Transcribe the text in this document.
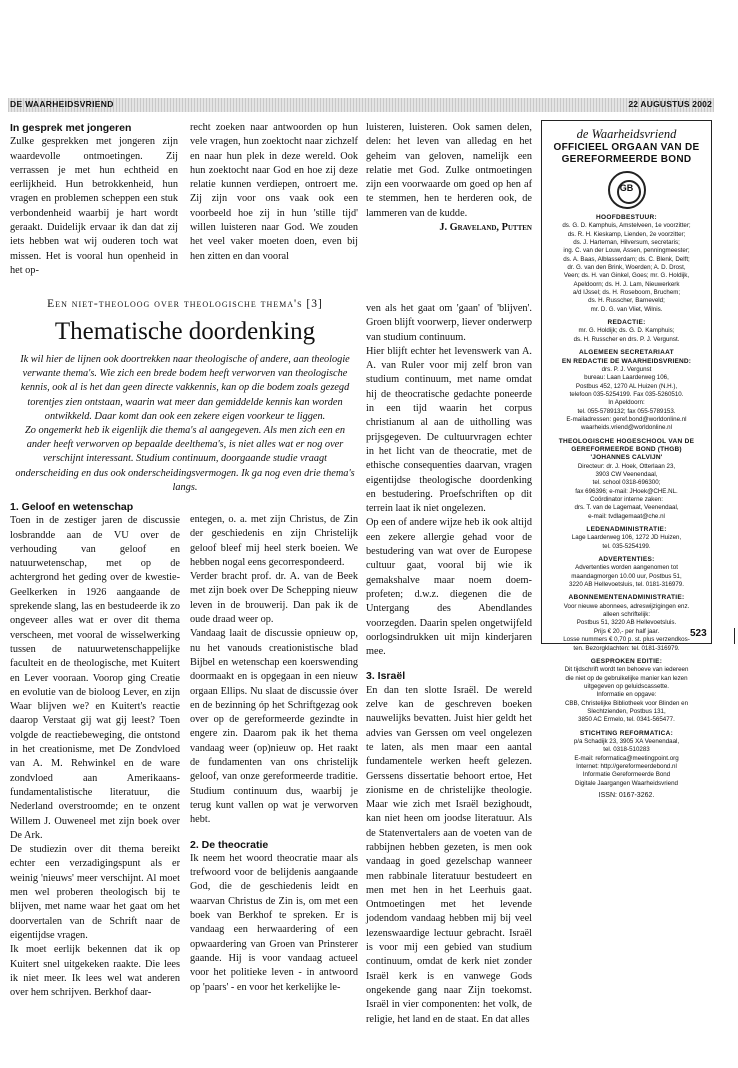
DE WAARHEIDSVRIEND	22 AUGUSTUS 2002

In gesprek met jongeren

Zulke gesprekken met jongeren zijn waardevolle ontmoetingen. Zij verrassen je met hun echtheid en eerlijkheid. Hun betrokkenheid, hun vragen en problemen scheppen een stuk verbondenheid waarbij je hart wordt geraakt. Duidelijk ervaar ik dan dat zij iets hebben wat wij ouderen toch wat missen. Het is vooral hun openheid in het op-

recht zoeken naar antwoorden op hun vele vragen, hun zoektocht naar zichzelf en naar hun plek in deze wereld. Ook hun zoektocht naar God en hoe zij deze relatie kunnen verdiepen, ontroert me. Zij zijn voor ons vaak ook een voorbeeld hoe zij in hun 'stille tijd' willen luisteren naar God. We zouden het veel vaker moeten doen, even bij hen zitten en dan vooral

luisteren, luisteren. Ook samen delen, delen: het leven van alledag en het geheim van geloven, namelijk een relatie met God. Zulke ontmoetingen zijn een voorwaarde om goed op hen af te stemmen, hen te herderen ook, de lammeren van de kudde.

J. Graveland, Putten

Een niet-theoloog over theologische thema's [3]
Thematische doordenking

Ik wil hier de lijnen ook doortrekken naar theologische of andere, aan theologie verwante thema's. Wie zich een brede bodem heeft verworven van theologische kennis, ook al is het dan geen directe vakkennis, kan op die bodem zoals gezegd torentjes zien ontstaan, waarin wat meer dan gemiddelde kennis kan worden ontwikkeld. Daar komt dan ook een zekere eigen voorkeur te liggen.

Zo ongemerkt heb ik eigenlijk die thema's al aangegeven. Als men zich een en ander heeft verworven op bepaalde deelthema's, is niet alles wat er nog over verschijnt interessant. Studium continuum, doorgaande studie vraagt onderscheiding en dus ook onderscheidingsvermogen. Ik ga nog even drie thema's langs.

1. Geloof en wetenschap

Toen in de zestiger jaren de discussie losbrandde aan de VU over de verhouding van geloof en natuurwetenschap, met op de achtergrond het geding over de kwestie-Geelkerken in 1926 aangaande de sprekende slang, las en bestudeerde ik zo ongeveer alles wat er over dit thema verscheen, met vooral de wisselwerking tussen de natuurwetenschappelijke faculteit en de theologische, met Kuitert en Lever vooraan. Voorop ging Creatie en evolutie van de bioloog Lever, en zijn Waar blijven we? en Kuitert's reactie daarop Verstaat gij wat gij leest? Toen volgde de reactiebeweging, die ontstond in het creationisme, met De Zondvloed van A. M. Rehwinkel en de ware zondvloed aan Amerikaans-fundamentalistische literatuur, die Nederland overstroomde; en te onzent Willem J. Ouweneel met zijn boek over De Ark.

De studiezin over dit thema bereikt echter een verzadigingspunt als er weinig 'nieuws' meer verschijnt. Al moet men wel proberen theologisch bij te blijven, met name waar het gaat om het doorvertalen van de Schrift naar de eigentijdse vragen.

Ik moet eerlijk bekennen dat ik op Kuitert snel uitgekeken raakte. Die lees ik niet meer. Ik lees wel wat anderen over hem schrijven. Berkhof daar-

entegen, o. a. met zijn Christus, de Zin der geschiedenis en zijn Christelijk geloof bleef mij heel sterk boeien. We hebben nogal eens gecorrespondeerd.

Verder bracht prof. dr. A. van de Beek met zijn boek over De Schepping nieuw leven in de brouwerij. Dan pak ik de oude draad weer op.

Vandaag laait de discussie opnieuw op, nu het vanouds creationistische blad Bijbel en wetenschap een koerswending doormaakt en is opgegaan in een nieuw orgaan Ellips. Nu slaat de discussie óver en de bezinning óp het Schriftgezag ook over op de gereformeerde gezindte in engere zin. Daarom pak ik het thema vandaag weer (op)nieuw op. Het raakt de fundamenten van ons christelijk geloof, van onze gereformeerde traditie. Studium continuum dus, waarbij je terug kunt vallen op wat je verworven hebt.

2. De theocratie

Ik neem het woord theocratie maar als trefwoord voor de belijdenis aangaande God, die de geschiedenis leidt en waarvan Christus de Zin is, om met een boek van Berkhof te spreken. Er is vandaag een herwaardering of een opwaardering van Groen van Prinsterer gaande. Hij is voor vandaag actueel voor het politieke leven - in antwoord op 'paars' - en voor het kerkelijke le-

ven als het gaat om 'gaan' of 'blijven'. Groen blijft voorwerp, liever onderwerp van studium continuum.

Hier blijft echter het levenswerk van A. A. van Ruler voor mij zelf bron van studium continuum, met name omdat hij de theocratische gedachte poneerde in een tijd waarin het corpus christianum al aan de uitholling was prijsgegeven. De cultuurvragen echter in het licht van de theocratie, met de ethische consequenties daarvan, vragen eigentijdse theologische doordenking en bestudering. Proefschriften op dit terrein laat ik niet ongelezen.

Op een of andere wijze heb ik ook altijd een zekere allergie gehad voor de bestudering van wat over de Europese cultuur gaat, vooral bij wie ik gemakshalve maar noem doem-profeten; d.w.z. diegenen die de Untergang des Abendlandes voorzegden. Daarin spelen ongetwijfeld oorlogsindrukken uit mijn kinderjaren mee.

3. Israël

En dan ten slotte Israël. De wereld zelve kan de geschreven boeken nauwelijks bevatten. Juist hier geldt het advies van Gerssen om veel ongelezen te laten, als men maar een aantal fundamentele werken heeft gelezen. Gerssens dissertatie behoort ertoe, Het zionisme en de christelijke theologie. Maar wie zich met Israël bezighoudt, kan niet heen om joodse literatuur. Als de Statenvertalers aan de voeten van de rabbijnen hebben gezeten, is men ook vandaag in goed gezelschap wanneer men rabbinale literatuur bestudeert en men met hen in het Leerhuis gaat. Ontmoetingen met het levende jodendom vandaag hebben mij bij veel lezenswaardige lectuur gebracht. Israël is voor mij een gebied van studium continuum, omdat de kerk niet zonder Israël kerk is en vanwege Gods ongekende gang naar Zijn toekomst. Israël in vier componenten: het volk, de religie, het land en de staat. En dat alles

de Waarheidsvriend
OFFICIEEL ORGAAN VAN DE
GEREFORMEERDE BOND
GB
HOOFDBESTUUR:

ds. G. D. Kamphuis, Amstelveen, 1e voorzitter;

ds. R. H. Kieskamp, Lienden, 2e voorzitter;

ds. J. Harteman, Hilversum, secretaris;

ing. C. van der Louw, Assen, penningmeester;

ds. A. Baas, Alblasserdam; ds. C. Blenk, Delft;

dr. G. van den Brink, Woerden; A. D. Drost,

Veen; ds. H. van Ginkel, Goes; mr. G. Holdijk,

Apeldoorn; ds. H. J. Lam, Nieuwerkerk

a/d IJssel; ds. H. Roseboom, Bruchem;

ds. H. Russcher, Barneveld;

mr. D. G. van Vliet, Wilnis.

REDACTIE:

mr. G. Holdijk; ds. G. D. Kamphuis;

ds. H. Russcher en drs. P. J. Vergunst.

ALGEMEEN SECRETARIAAT
EN REDACTIE DE WAARHEIDSVRIEND:

drs. P. J. Vergunst

bureau: Laan Laarderweg 106,

Postbus 452, 1270 AL Huizen (N.H.),

telefoon 035-5254199. Fax 035-5260510.

In Apeldoorn:

tel. 055-5789132; fax 055-5789153.

E-mailadressen: geref.bond@worldonline.nl

waarheids.vriend@worldonline.nl

THEOLOGISCHE HOGESCHOOL VAN DE
GEREFORMEERDE BOND (THGB)
'JOHANNES CALVIJN'

Directeur: dr. J. Hoek, Otterlaan 23,

3903 CW Veenendaal,

tel. school 0318-696300;

fax 696396; e-mail: JHoek@CHE.NL.

Coördinator interne zaken:

drs. T. van de Lagemaat, Veenendaal,

e-mail: tvdlagemaat@che.nl

LEDENADMINISTRATIE:

Lage Laarderweg 106, 1272 JD Huizen,

tel. 035-5254199.

ADVERTENTIES:

Advertenties worden aangenomen tot

maandagmorgen 10.00 uur, Postbus 51,

3220 AB Hellevoetsluis, tel. 0181-316979.

ABONNEMENTENADMINISTRATIE:

Voor nieuwe abonnees, adreswijzigingen enz.

alleen schriftelijk:

Postbus 51, 3220 AB Hellevoetsluis.

Prijs € 20,- per half jaar.

Losse nummers € 0,70 p. st. plus verzendkos-

ten. Bezorgklachten: tel. 0181-316979.

GESPROKEN EDITIE:

Dit tijdschrift wordt ten behoeve van iedereen

die niet op de gebruikelijke manier kan lezen

uitgegeven op geluidscassette.

Informatie en opgave:

CBB, Christelijke Bibliotheek voor Blinden en

Slechtzienden, Postbus 131,

3850 AC Ermelo, tel. 0341-565477.

STICHTING REFORMATICA:

p/a Schadijk 23, 3905 XA Veenendaal,

tel. 0318-510283

E-mail: reformatica@meetingpoint.org

Internet: http://gereformeerdebond.nl

Informatie Gereformeerde Bond

Digitale Jaargangen Waarheidsvriend

ISSN: 0167-3262.
523
